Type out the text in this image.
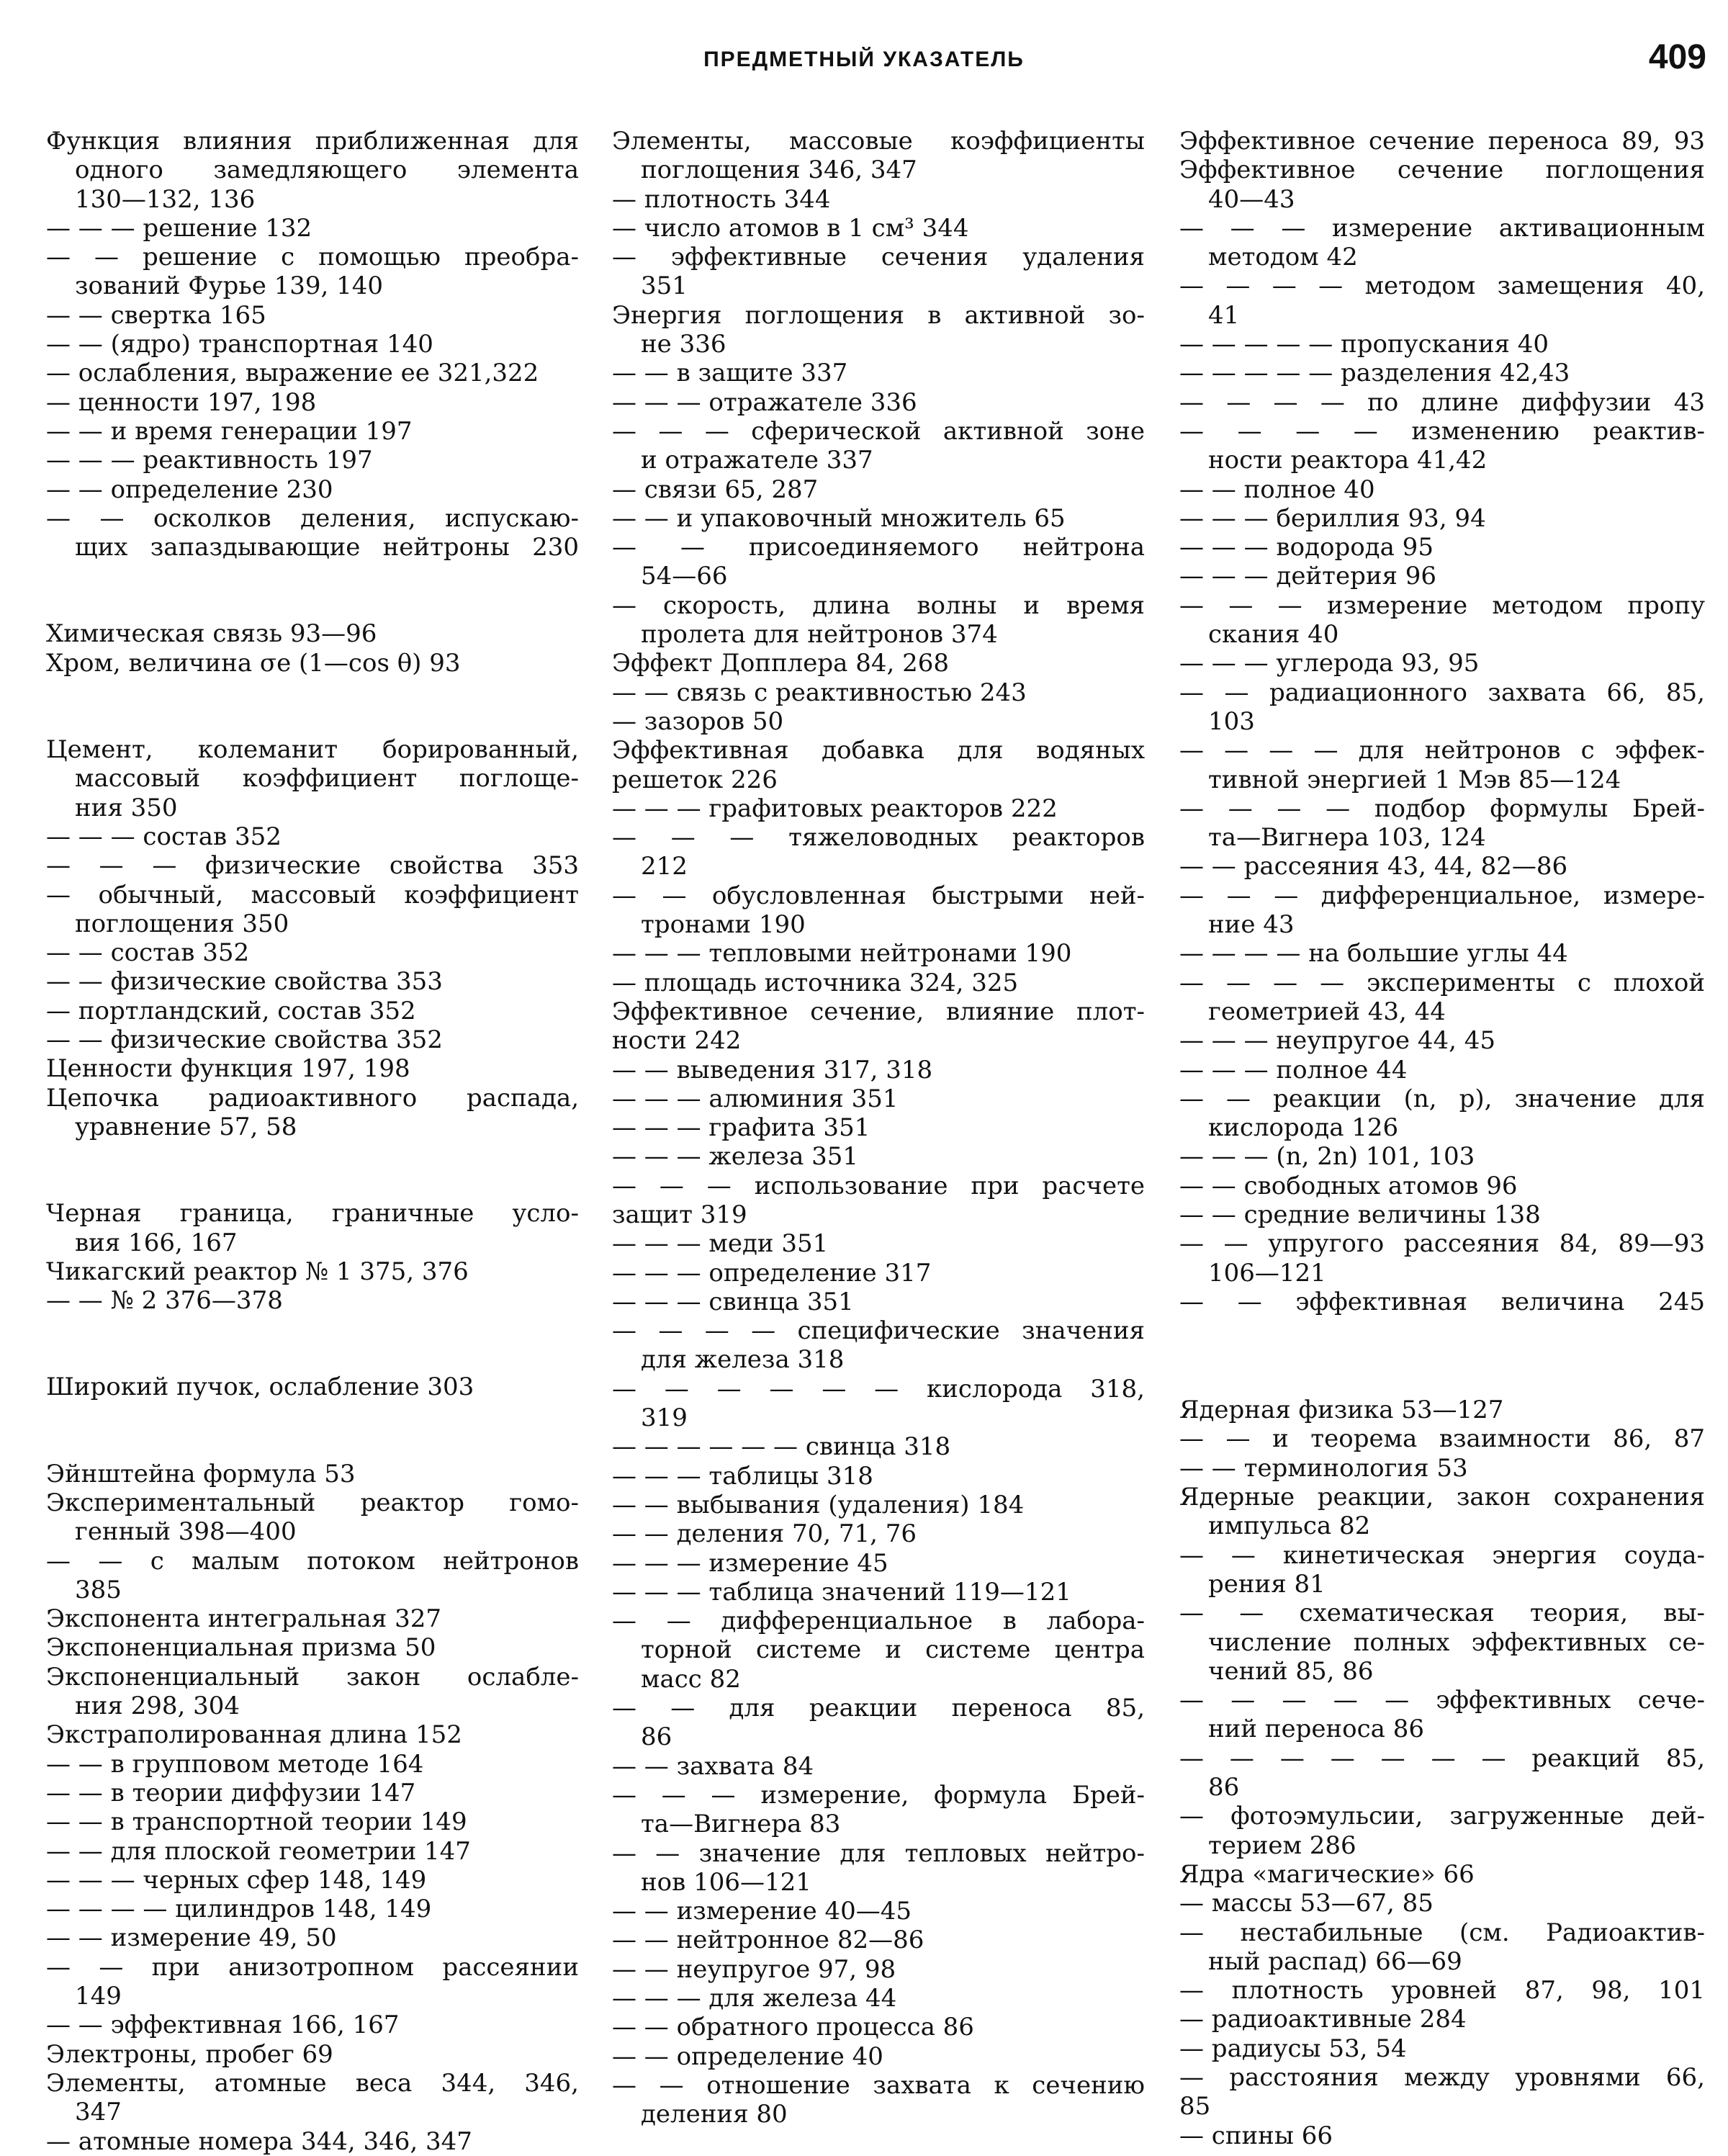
ПРЕДМЕТНЫЙ УКАЗАТЕЛЬ	409
Функция влияния приближенная для
одного замедляющего элемента
130—132, 136
— — — решение 132
— — решение с помощью преобра-
зований Фурье 139, 140
— — свертка 165
— — (ядро) транспортная 140
— ослабления, выражение ее 321,322
— ценности 197, 198
— — и время генерации 197
— — — реактивность 197
— — определение 230
— — осколков деления, испускаю-
щих запаздывающие нейтроны 230
Химическая связь 93—96
Хром, величина σe (1—cos θ) 93
Цемент, колеманит борированный,
массовый коэффициент поглоще-
ния 350
— — — состав 352
— — — физические свойства 353
— обычный, массовый коэффициент
поглощения 350
— — состав 352
— — физические свойства 353
— портландский, состав 352
— — физические свойства 352
Ценности функция 197, 198
Цепочка радиоактивного распада,
уравнение 57, 58
Черная граница, граничные усло-
вия 166, 167
Чикагский реактор № 1 375, 376
— — № 2 376—378
Широкий пучок, ослабление 303
Эйнштейна формула 53
Экспериментальный реактор гомо-
генный 398—400
— — с малым потоком нейтронов
385
Экспонента интегральная 327
Экспоненциальная призма 50
Экспоненциальный закон ослабле-
ния 298, 304
Экстраполированная длина 152
— — в групповом методе 164
— — в теории диффузии 147
— — в транспортной теории 149
— — для плоской геометрии 147
— — — черных сфер 148, 149
— — — — цилиндров 148, 149
— — измерение 49, 50
— — при анизотропном рассеянии
149
— — эффективная 166, 167
Электроны, пробег 69
Элементы, атомные веса 344, 346,
347
— атомные номера 344, 346, 347
Элементы, массовые коэффициенты
поглощения 346, 347
— плотность 344
— число атомов в 1 см³ 344
— эффективные сечения удаления
351
Энергия поглощения в активной зо-
не 336
— — в защите 337
— — — отражателе 336
— — — сферической активной зоне
и отражателе 337
— связи 65, 287
— — и упаковочный множитель 65
— — присоединяемого нейтрона
54—66
— скорость, длина волны и время
пролета для нейтронов 374
Эффект Допплера 84, 268
— — связь с реактивностью 243
— зазоров 50
Эффективная добавка для водяных
решеток 226
— — — графитовых реакторов 222
— — — тяжеловодных реакторов
212
— — обусловленная быстрыми ней-
тронами 190
— — — тепловыми нейтронами 190
— площадь источника 324, 325
Эффективное сечение, влияние плот-
ности 242
— — выведения 317, 318
— — — алюминия 351
— — — графита 351
— — — железа 351
— — — использование при расчете
защит 319
— — — меди 351
— — — определение 317
— — — свинца 351
— — — — специфические значения
для железа 318
— — — — — — кислорода 318,
319
— — — — — — свинца 318
— — — таблицы 318
— — выбывания (удаления) 184
— — деления 70, 71, 76
— — — измерение 45
— — — таблица значений 119—121
— — дифференциальное в лабора-
торной системе и системе центра
масс 82
— — для реакции переноса 85,
86
— — захвата 84
— — — измерение, формула Брей-
та—Вигнера 83
— — значение для тепловых нейтро-
нов 106—121
— — измерение 40—45
— — нейтронное 82—86
— — неупругое 97, 98
— — — для железа 44
— — обратного процесса 86
— — определение 40
— — отношение захвата к сечению
деления 80
Эффективное сечение переноса 89, 93
Эффективное сечение поглощения
40—43
— — — измерение активационным
методом 42
— — — — методом замещения 40,
41
— — — — — пропускания 40
— — — — — разделения 42,43
— — — — по длине диффузии 43
— — — — изменению реактив-
ности реактора 41,42
— — полное 40
— — — бериллия 93, 94
— — — водорода 95
— — — дейтерия 96
— — — измерение методом пропу
скания 40
— — — углерода 93, 95
— — радиационного захвата 66, 85,
103
— — — — для нейтронов с эффек-
тивной энергией 1 Мэв 85—124
— — — — подбор формулы Брей-
та—Вигнера 103, 124
— — рассеяния 43, 44, 82—86
— — — дифференциальное, измере-
ние 43
— — — — на большие углы 44
— — — — эксперименты с плохой
геометрией 43, 44
— — — неупругое 44, 45
— — — полное 44
— — реакции (n, p), значение для
кислорода 126
— — — (n, 2n) 101, 103
— — свободных атомов 96
— — средние величины 138
— — упругого рассеяния 84, 89—93
106—121
— — эффективная величина 245
Ядерная физика 53—127
— — и теорема взаимности 86, 87
— — терминология 53
Ядерные реакции, закон сохранения
импульса 82
— — кинетическая энергия соуда-
рения 81
— — схематическая теория, вы-
числение полных эффективных се-
чений 85, 86
— — — — — эффективных сече-
ний переноса 86
— — — — — — — реакций 85,
86
— фотоэмульсии, загруженные дей-
терием 286
Ядра «магические» 66
— массы 53—67, 85
— нестабильные (см. Радиоактив-
ный распад) 66—69
— плотность уровней 87, 98, 101
— радиоактивные 284
— радиусы 53, 54
— расстояния между уровнями 66,
85
— спины 66
